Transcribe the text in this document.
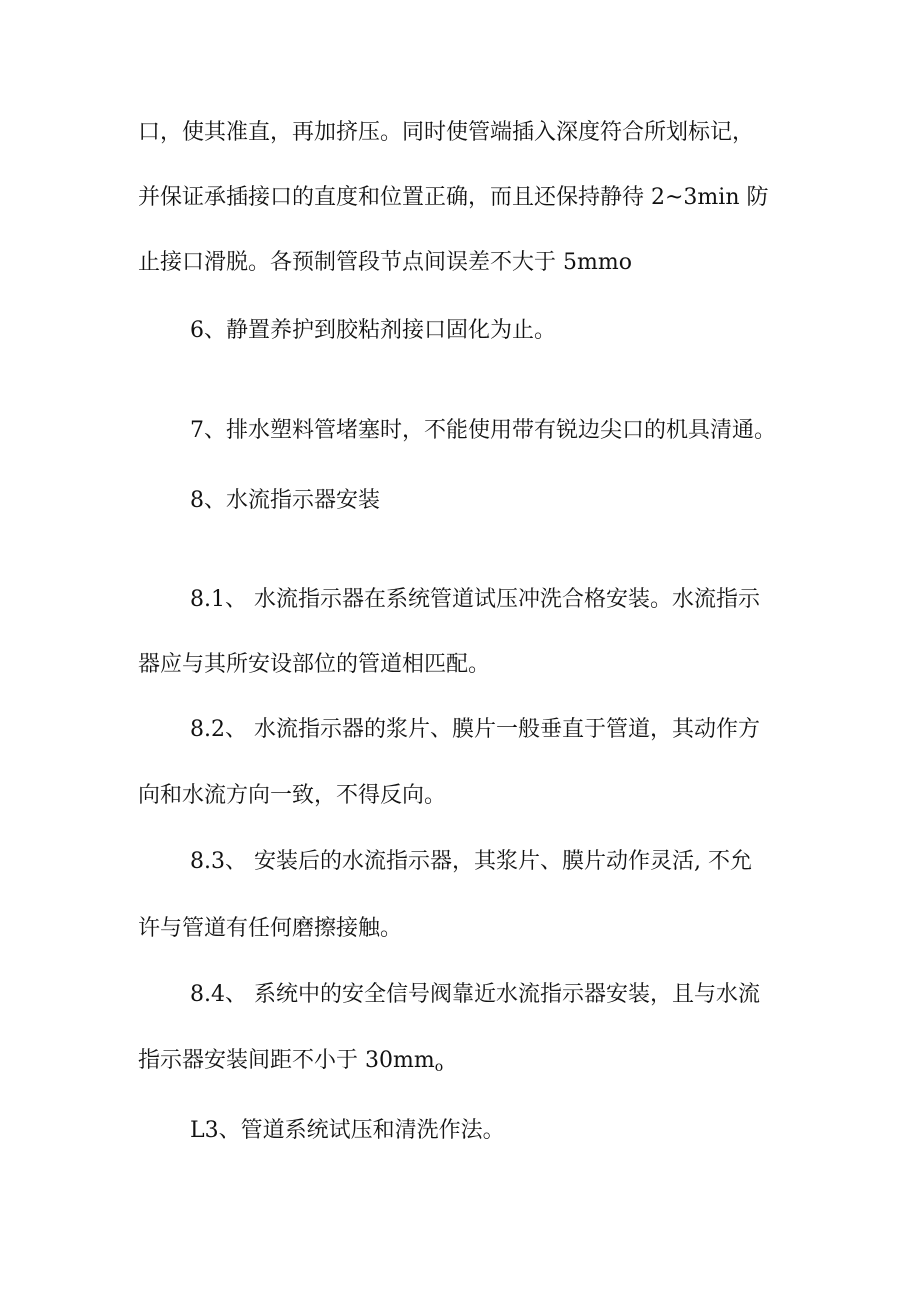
口，使其准直，再加挤压。同时使管端插入深度符合所划标记，
并保证承插接口的直度和位置正确，而且还保持静待 2~3min 防
止接口滑脱。各预制管段节点间误差不大于 5mmo
6、静置养护到胶粘剂接口固化为止。
7、排水塑料管堵塞时，不能使用带有锐边尖口的机具清通。
8、水流指示器安装
8.1、 水流指示器在系统管道试压冲洗合格安装。水流指示
器应与其所安设部位的管道相匹配。
8.2、 水流指示器的浆片、膜片一般垂直于管道，其动作方
向和水流方向一致，不得反向。
8.3、 安装后的水流指示器，其浆片、膜片动作灵活, 不允
许与管道有任何磨擦接触。
8.4、 系统中的安全信号阀靠近水流指示器安装，且与水流
指示器安装间距不小于 $30mm_o$
L3、管道系统试压和清洗作法。
